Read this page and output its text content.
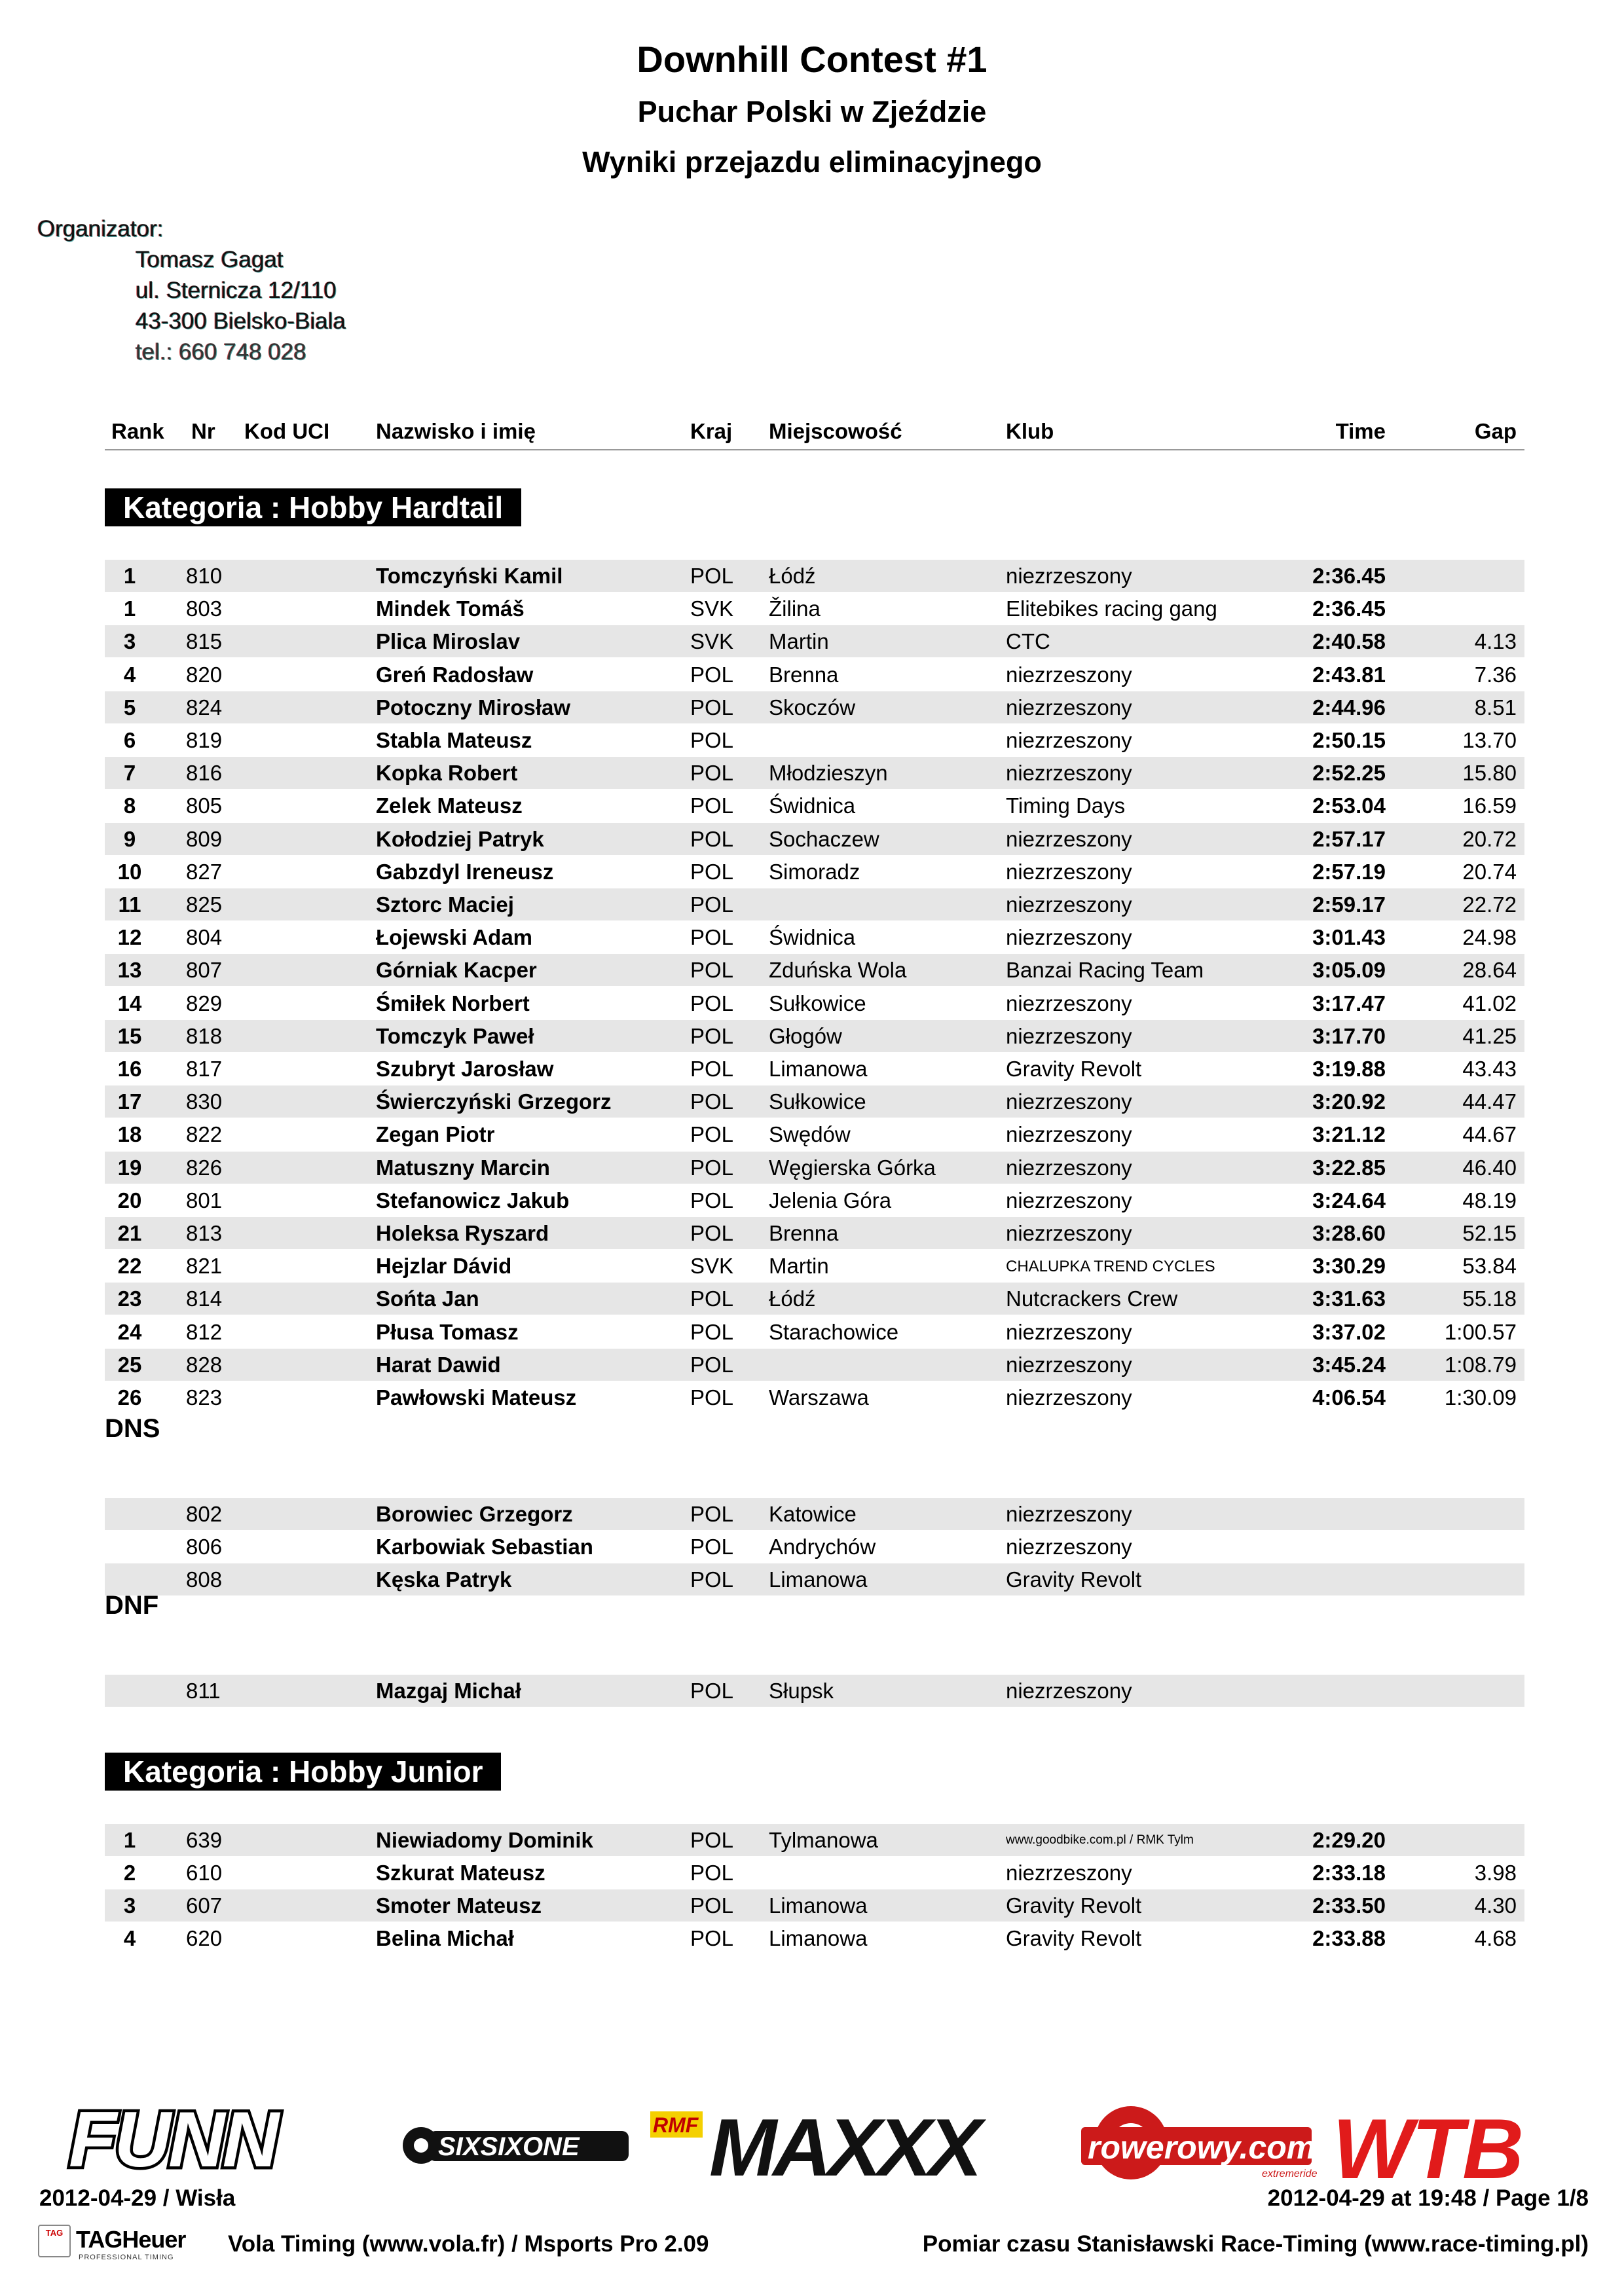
Downhill Contest #1
Puchar Polski w Zjeździe
Wyniki przejazdu eliminacyjnego
Organizator:
Tomasz Gagat
ul. Sternicza 12/110
43-300 Bielsko-Biala
tel.: 660 748 028
Rank Nr Kod UCI Nazwisko i imię	Kraj Miejscowość	Klub	Time	Gap
Kategoria : Hobby Hardtail
1	810	Tomczyński Kamil	POL Łódź	niezrzeszony	2:36.45
1	803	Mindek Tomáš	SVK Žilina	Elitebikes racing gang	2:36.45
3	815	Plica Miroslav	SVK Martin	CTC	2:40.58	4.13
4	820	Greń Radosław	POL Brenna	niezrzeszony	2:43.81	7.36
5	824	Potoczny Mirosław	POL Skoczów	niezrzeszony	2:44.96	8.51
6	819	Stabla Mateusz	POL	niezrzeszony	2:50.15	13.70
7	816	Kopka Robert	POL Młodzieszyn	niezrzeszony	2:52.25	15.80
8	805	Zelek Mateusz	POL Świdnica	Timing Days	2:53.04	16.59
9	809	Kołodziej Patryk	POL Sochaczew	niezrzeszony	2:57.17	20.72
10	827	Gabzdyl Ireneusz	POL Simoradz	niezrzeszony	2:57.19	20.74
11	825	Sztorc Maciej	POL	niezrzeszony	2:59.17	22.72
12	804	Łojewski Adam	POL Świdnica	niezrzeszony	3:01.43	24.98
13	807	Górniak Kacper	POL Zduńska Wola	Banzai Racing Team	3:05.09	28.64
14	829	Śmiłek Norbert	POL Sułkowice	niezrzeszony	3:17.47	41.02
15	818	Tomczyk Paweł	POL Głogów	niezrzeszony	3:17.70	41.25
16	817	Szubryt Jarosław	POL Limanowa	Gravity Revolt	3:19.88	43.43
17	830	Świerczyński Grzegorz	POL Sułkowice	niezrzeszony	3:20.92	44.47
18	822	Zegan Piotr	POL Swędów	niezrzeszony	3:21.12	44.67
19	826	Matuszny Marcin	POL Węgierska Górka	niezrzeszony	3:22.85	46.40
20	801	Stefanowicz Jakub	POL Jelenia Góra	niezrzeszony	3:24.64	48.19
21	813	Holeksa Ryszard	POL Brenna	niezrzeszony	3:28.60	52.15
22	821	Hejzlar Dávid	SVK Martin	CHALUPKA TREND CYCLES	3:30.29	53.84
23	814	Sońta Jan	POL Łódź	Nutcrackers Crew	3:31.63	55.18
24	812	Płusa Tomasz	POL Starachowice	niezrzeszony	3:37.02	1:00.57
25	828	Harat Dawid	POL	niezrzeszony	3:45.24	1:08.79
26	823	Pawłowski Mateusz	POL Warszawa	niezrzeszony	4:06.54	1:30.09
DNS
802	Borowiec Grzegorz	POL Katowice	niezrzeszony
806	Karbowiak Sebastian	POL Andrychów	niezrzeszony
808	Kęska Patryk	POL Limanowa	Gravity Revolt
DNF
811	Mazgaj Michał	POL Słupsk	niezrzeszony
Kategoria : Hobby Junior
1	639	Niewiadomy Dominik	POL Tylmanowa	www.goodbike.com.pl / RMK Tylm	2:29.20
2	610	Szkurat Mateusz	POL	niezrzeszony	2:33.18	3.98
3	607	Smoter Mateusz	POL Limanowa	Gravity Revolt	2:33.50	4.30
4	620	Belina Michał	POL Limanowa	Gravity Revolt	2:33.88	4.68
FUNN	SIXSIXONE
RMF MAXXX	rowerowy.com
extremeride WTB
2012-04-29 / Wisła	2012-04-29 at 19:48 / Page 1/8
TAG TAGHeuer
PROFESSIONAL TIMING
Vola Timing (www.vola.fr) / Msports Pro 2.09	Pomiar czasu Stanisławski Race-Timing (www.race-timing.pl)
